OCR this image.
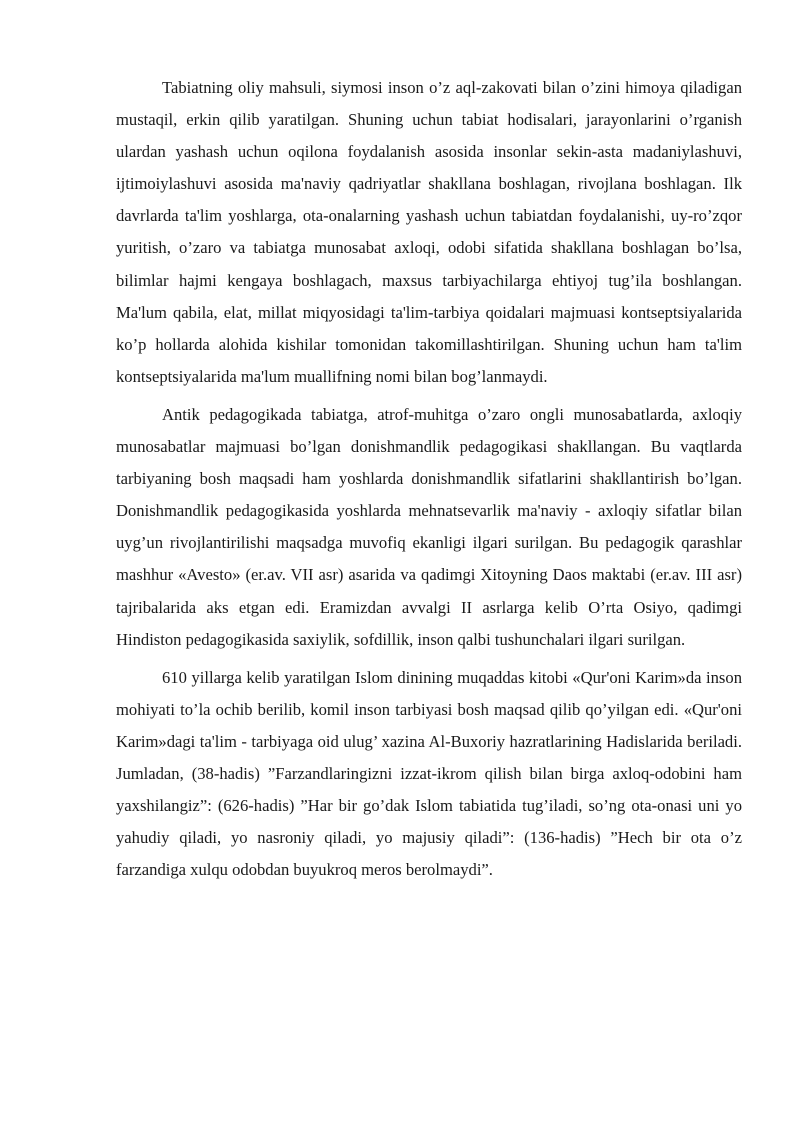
Tabiatning oliy mahsuli, siymosi inson o’z aql-zakovati bilan o’zini himoya qiladigan mustaqil, erkin qilib yaratilgan. Shuning uchun tabiat hodisalari, jarayonlarini o’rganish ulardan yashash uchun oqilona foydalanish asosida insonlar sekin-asta madaniylashuvi, ijtimoiylashuvi asosida ma'naviy qadriyatlar shakllana boshlagan, rivojlana boshlagan. Ilk davrlarda ta'lim yoshlarga, ota-onalarning yashash uchun tabiatdan foydalanishi, uy-ro’zqor yuritish, o’zaro va tabiatga munosabat axloqi, odobi sifatida shakllana boshlagan bo’lsa, bilimlar hajmi kengaya boshlagach, maxsus tarbiyachilarga ehtiyoj tug’ila boshlangan. Ma'lum qabila, elat, millat miqyosidagi ta'lim-tarbiya qoidalari majmuasi kontseptsiyalarida ko’p hollarda alohida kishilar tomonidan takomillashtirilgan. Shuning uchun ham ta'lim kontseptsiyalarida ma'lum muallifning nomi bilan bog’lanmaydi.

Antik pedagogikada tabiatga, atrof-muhitga o’zaro ongli munosabatlarda, axloqiy munosabatlar majmuasi bo’lgan donishmandlik pedagogikasi shakllangan. Bu vaqtlarda tarbiyaning bosh maqsadi ham yoshlarda donishmandlik sifatlarini shakllantirish bo’lgan. Donishmandlik pedagogikasida yoshlarda mehnatsevarlik ma'naviy - axloqiy sifatlar bilan uyg’un rivojlantirilishi maqsadga muvofiq ekanligi ilgari surilgan. Bu pedagogik qarashlar mashhur «Avesto» (er.av. VII asr) asarida va qadimgi Xitoyning Daos maktabi (er.av. III asr) tajribalarida aks etgan edi. Eramizdan avvalgi II asrlarga kelib O’rta Osiyo, qadimgi Hindiston pedagogikasida saxiylik, sofdillik, inson qalbi tushunchalari ilgari surilgan.

610 yillarga kelib yaratilgan Islom dinining muqaddas kitobi «Qur'oni Karim»da inson mohiyati to’la ochib berilib, komil inson tarbiyasi bosh maqsad qilib qo’yilgan edi. «Qur'oni Karim»dagi ta'lim - tarbiyaga oid ulug’ xazina Al-Buxoriy hazratlarining Hadislarida beriladi. Jumladan, (38-hadis) ”Farzandlaringizni izzat-ikrom qilish bilan birga axloq-odobini ham yaxshilangiz”: (626-hadis) ”Har bir go’dak Islom tabiatida tug’iladi, so’ng ota-onasi uni yo yahudiy qiladi, yo nasroniy qiladi, yo majusiy qiladi”: (136-hadis) ”Hech bir ota o’z farzandiga xulqu odobdan buyukroq meros berolmaydi”.
